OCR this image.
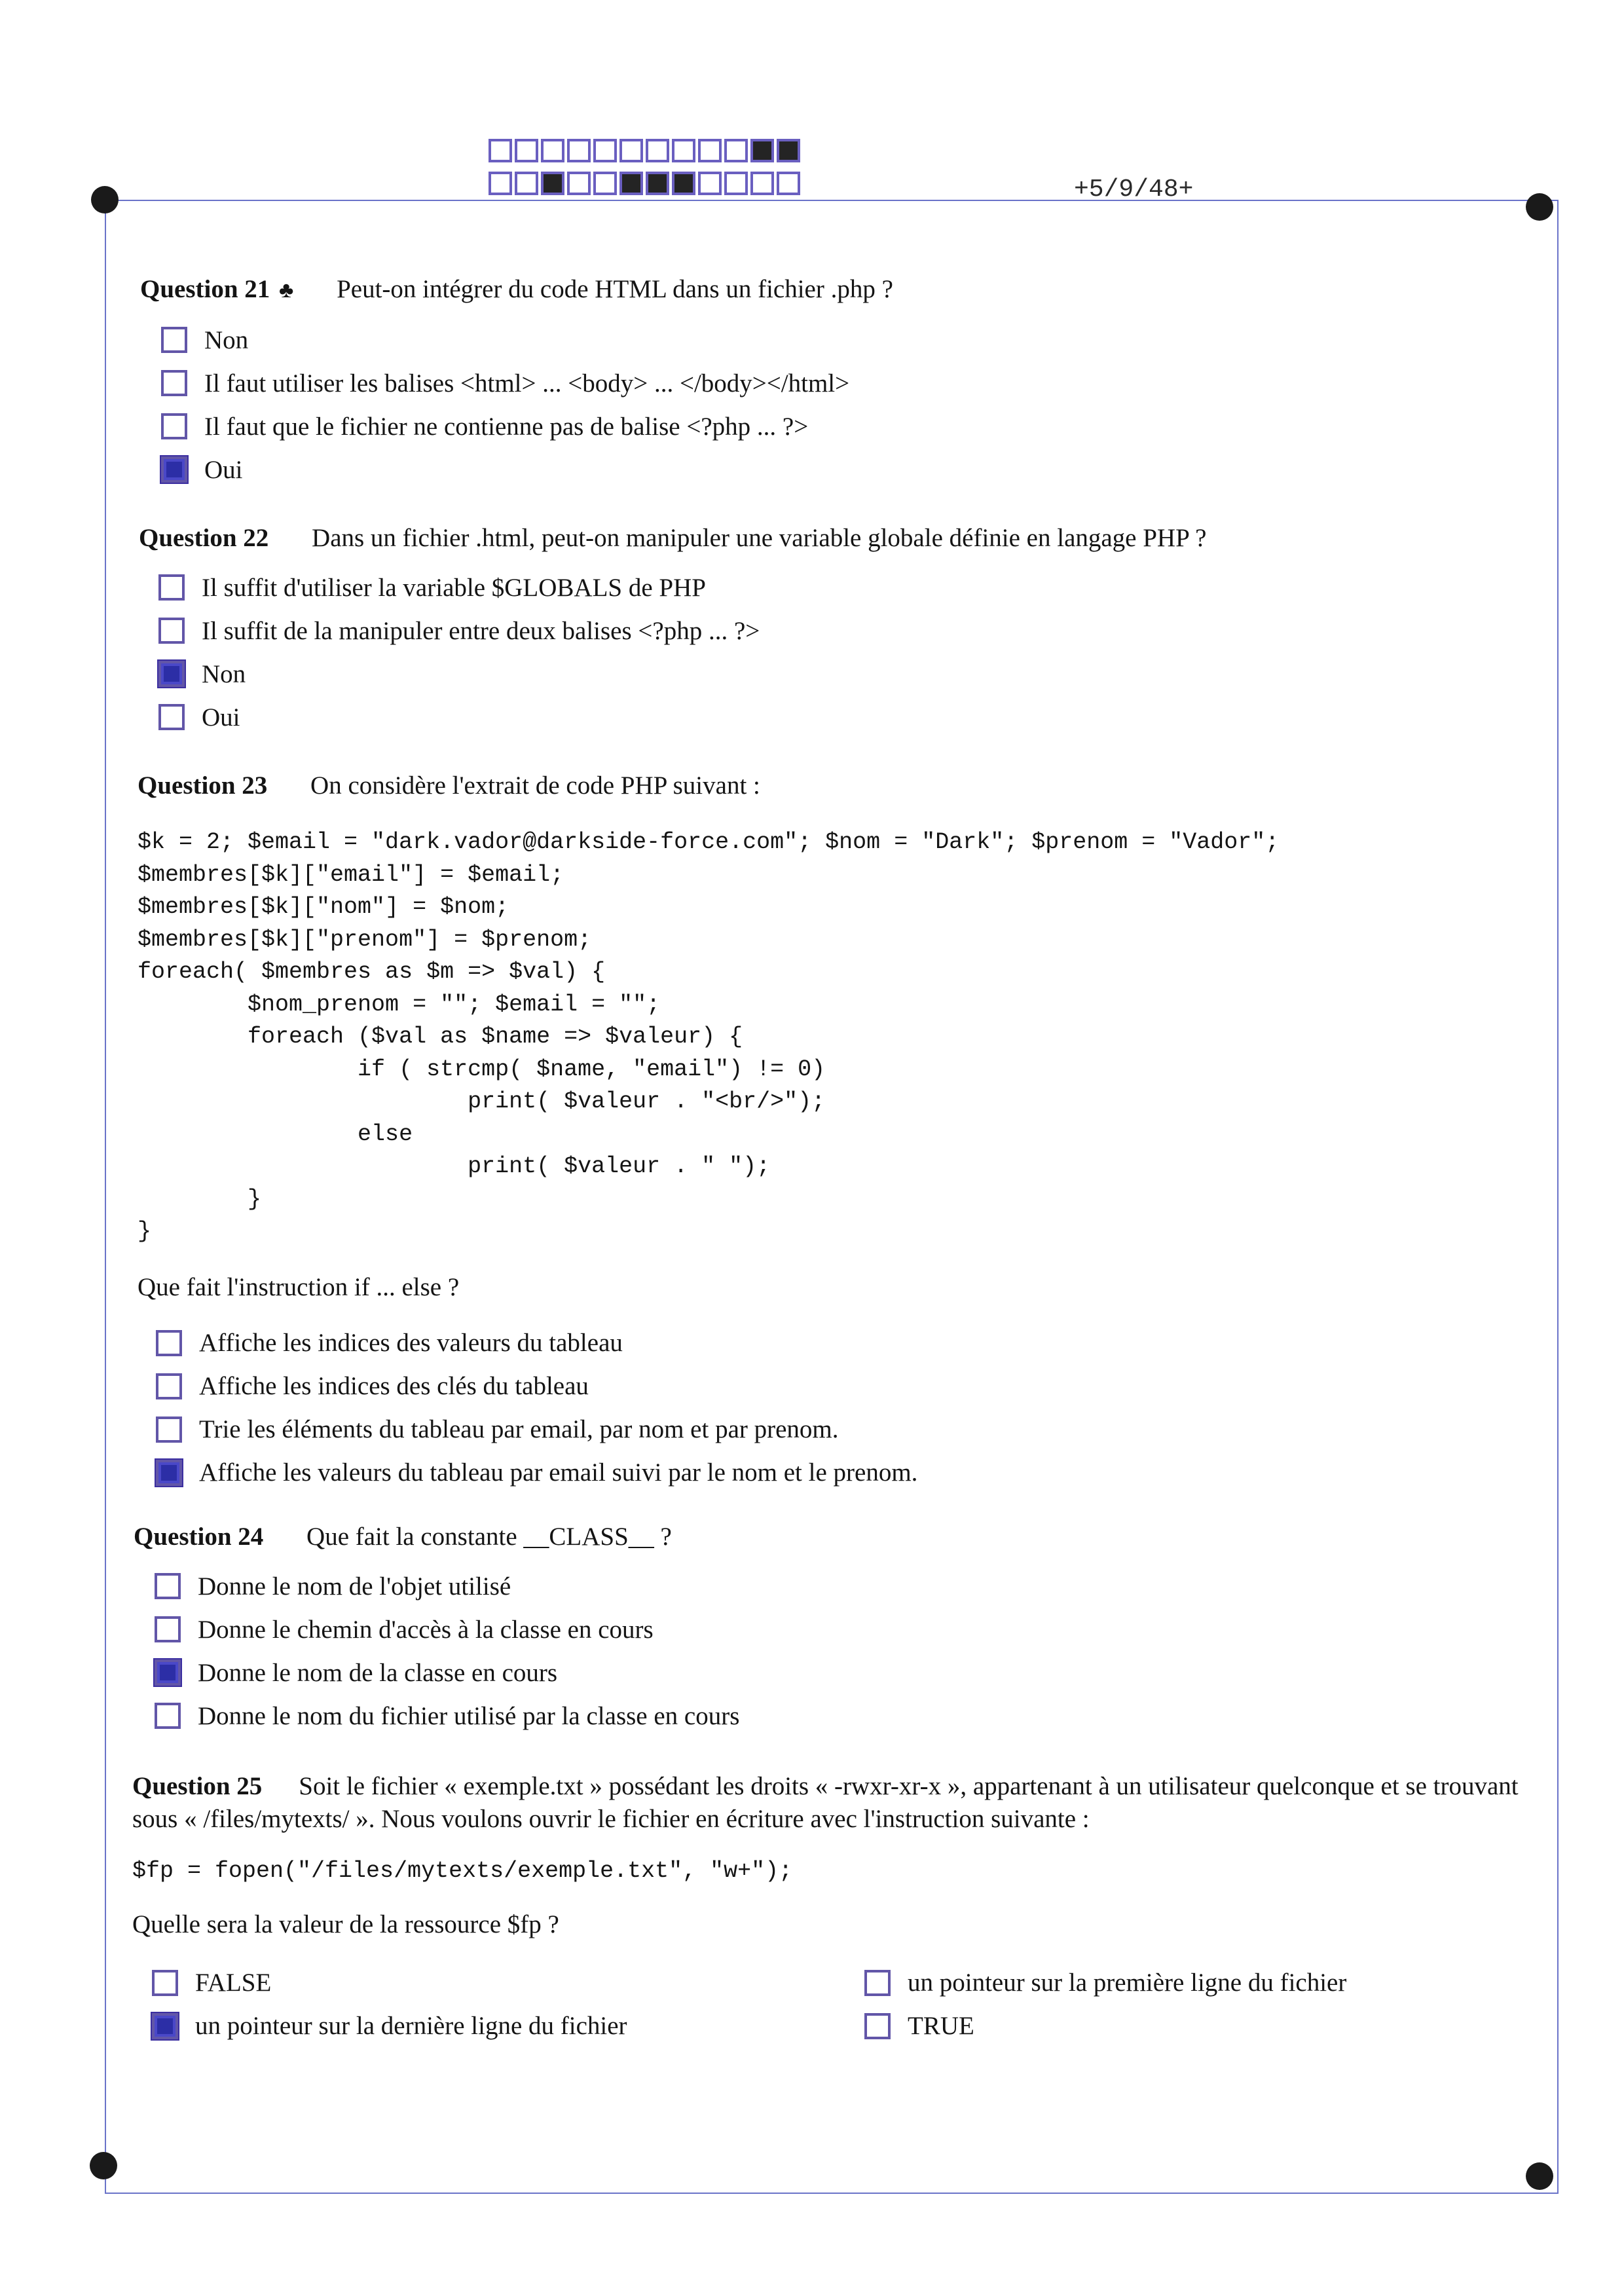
+5/9/48+
Question 21 ♣ Peut-on intégrer du code HTML dans un fichier .php ?
Non
Il faut utiliser les balises <html> ... <body> ... </body></html>
Il faut que le fichier ne contienne pas de balise <?php ... ?>
Oui
Question 22 Dans un fichier .html, peut-on manipuler une variable globale définie en langage PHP ?
Il suffit d'utiliser la variable $GLOBALS de PHP
Il suffit de la manipuler entre deux balises <?php ... ?>
Non
Oui
Question 23 On considère l'extrait de code PHP suivant :
$k = 2; $email = "dark.vador@darkside-force.com"; $nom = "Dark"; $prenom = "Vador";
$membres[$k]["email"] = $email;
$membres[$k]["nom"] = $nom;
$membres[$k]["prenom"] = $prenom;
foreach( $membres as $m => $val) {
$nom_prenom = ""; $email = "";
foreach ($val as $name => $valeur) {
if ( strcmp( $name, "email") != 0)
print( $valeur . "<br/>");
else
print( $valeur . " ");
}
}
Que fait l'instruction if ... else ?
Affiche les indices des valeurs du tableau
Affiche les indices des clés du tableau
Trie les éléments du tableau par email, par nom et par prenom.
Affiche les valeurs du tableau par email suivi par le nom et le prenom.
Question 24 Que fait la constante __CLASS__ ?
Donne le nom de l'objet utilisé
Donne le chemin d'accès à la classe en cours
Donne le nom de la classe en cours
Donne le nom du fichier utilisé par la classe en cours
Question 25 Soit le fichier « exemple.txt » possédant les droits « -rwxr-xr-x », appartenant à un utilisateur quelconque et se trouvant sous « /files/mytexts/ ». Nous voulons ouvrir le fichier en écriture avec l'instruction suivante :
$fp = fopen("/files/mytexts/exemple.txt", "w+");
Quelle sera la valeur de la ressource $fp ?
FALSE	un pointeur sur la première ligne du fichier
un pointeur sur la dernière ligne du fichier	TRUE
